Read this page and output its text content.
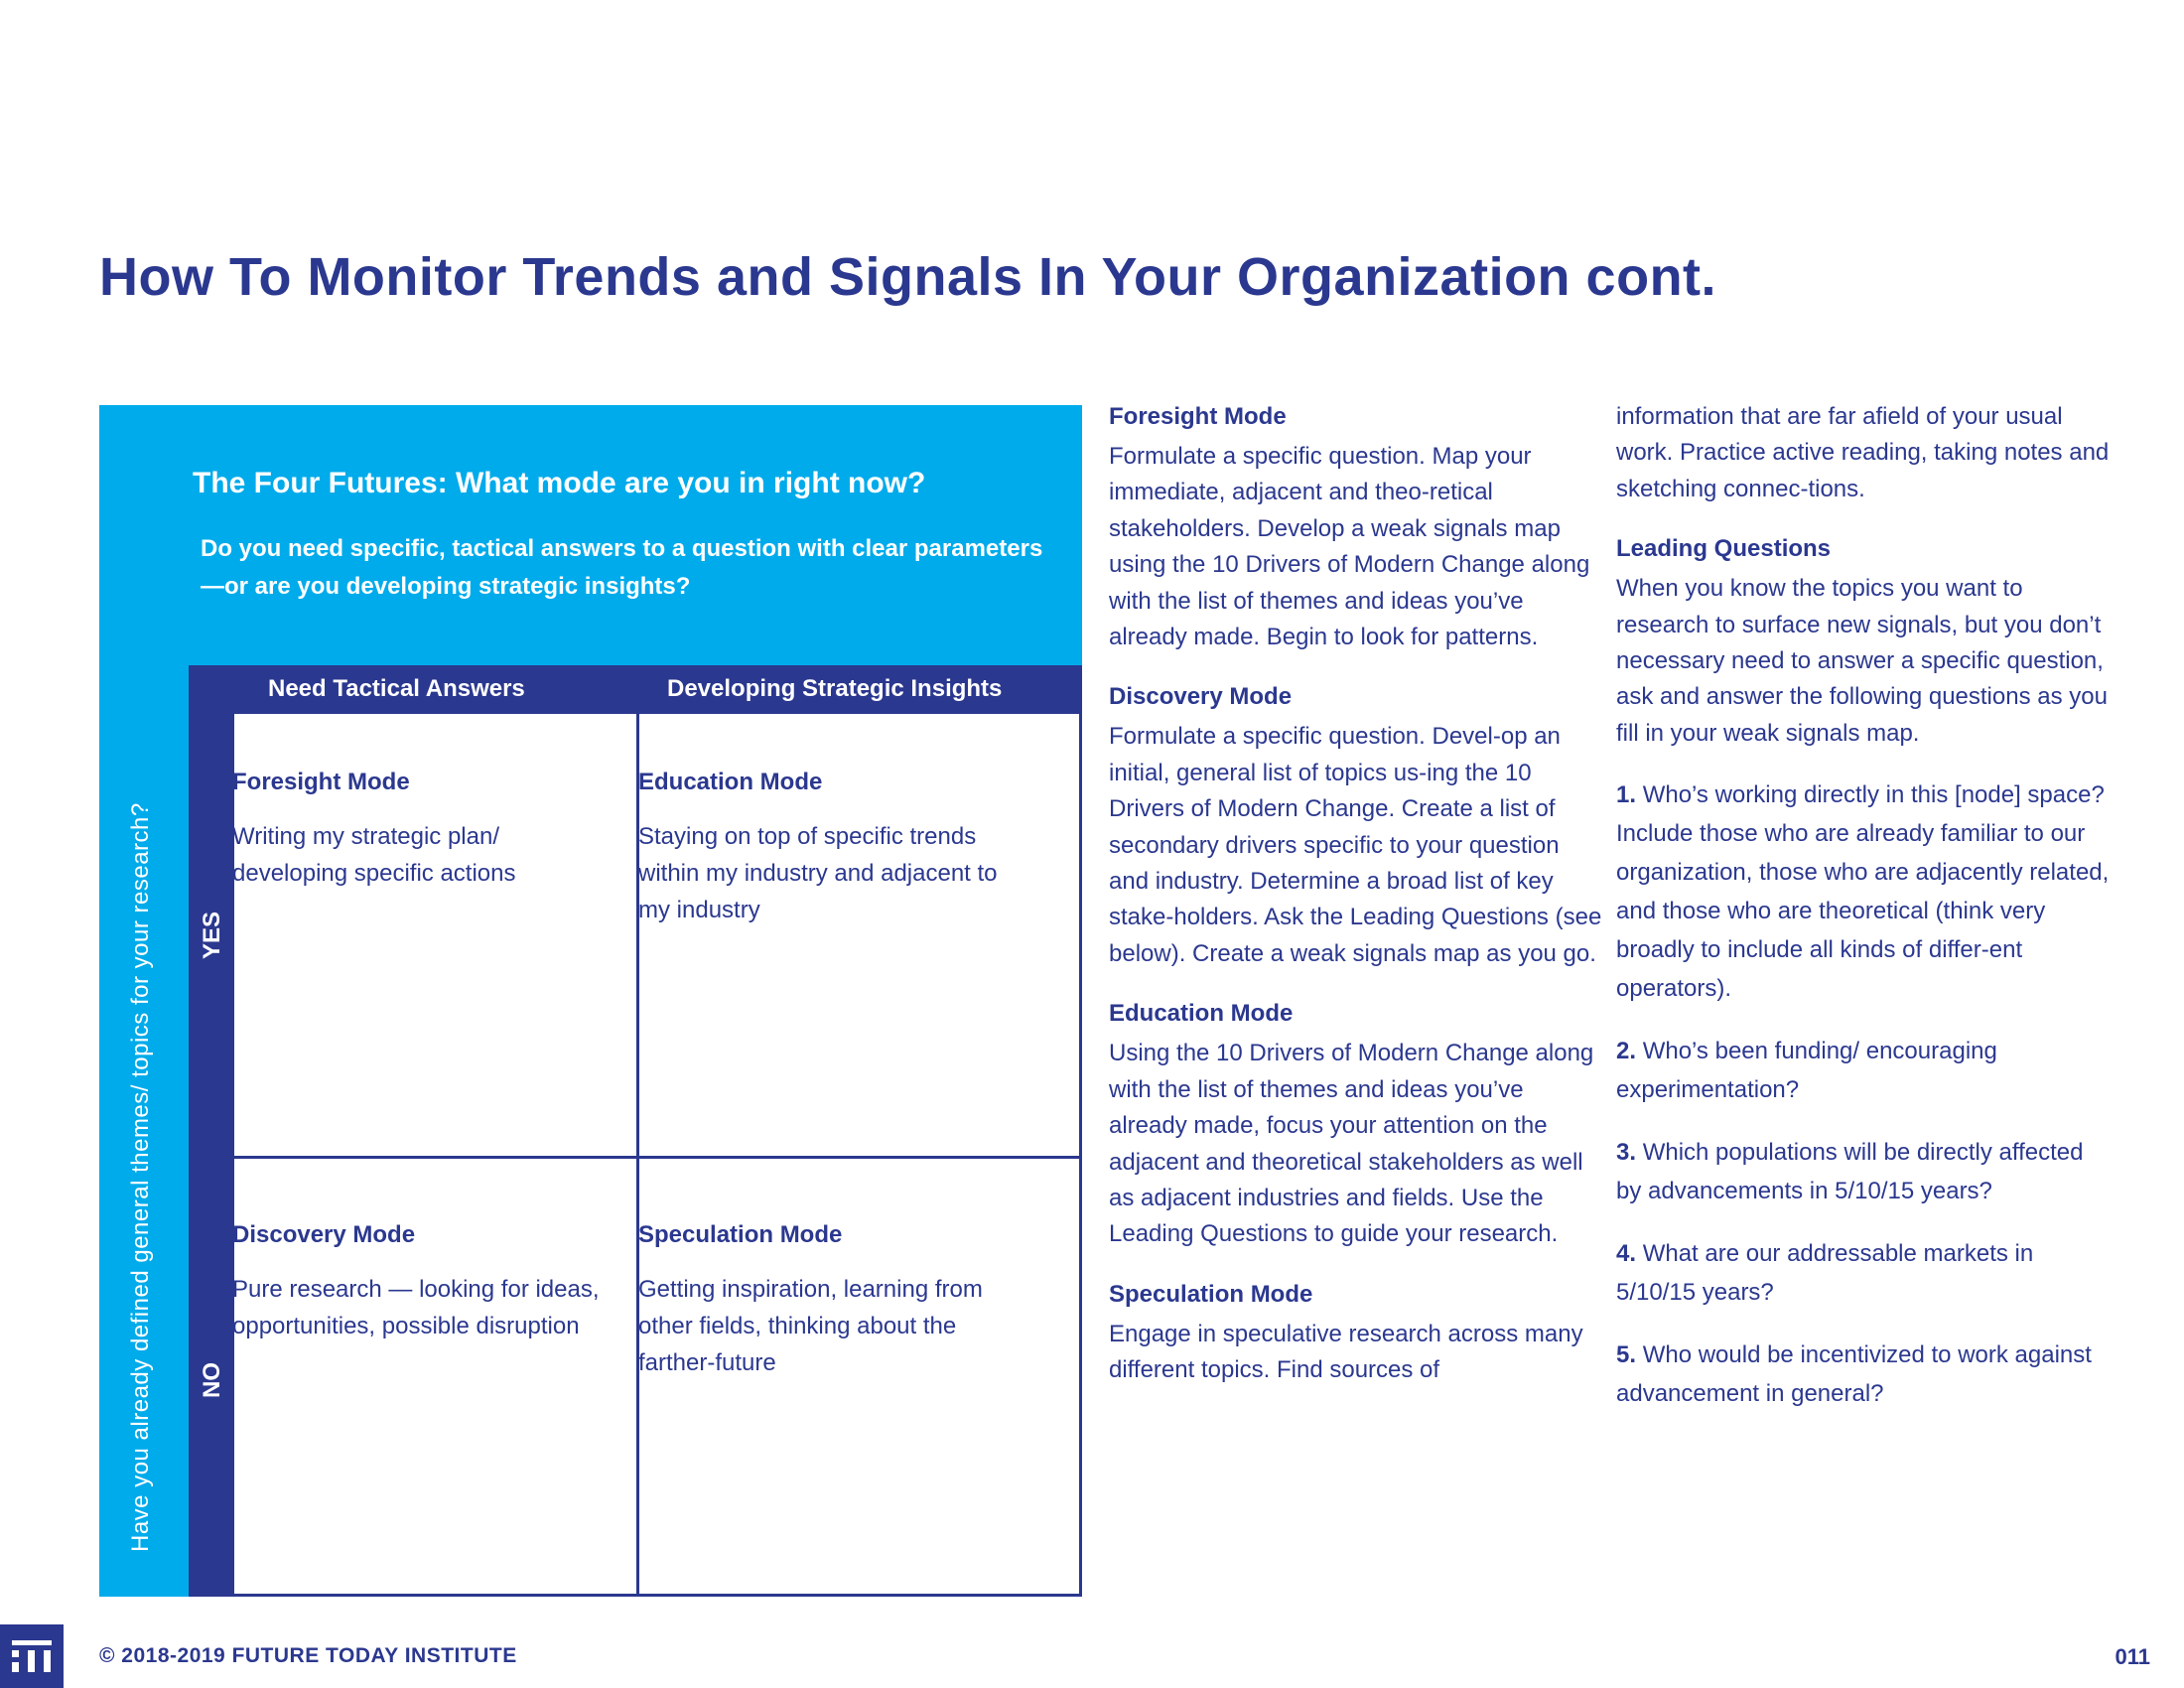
How To Monitor Trends and Signals In Your Organization cont.
The Four Futures: What mode are you in right now?
Do you need specific, tactical answers to a question with clear parameters—or are you developing strategic insights?
Have you already defined general themes/ topics for your research?
Need Tactical Answers	Developing Strategic Insights
YES
NO
Foresight Mode
Writing my strategic plan/ developing specific actions
Education Mode
Staying on top of specific trends within my industry and adjacent to my industry
Discovery Mode
Pure research — looking for ideas, opportunities, possible disruption
Speculation Mode
Getting inspiration, learning from other fields, thinking about the farther-future
Foresight Mode
Formulate a specific question. Map your immediate, adjacent and theo-retical stakeholders. Develop a weak signals map using the 10 Drivers of Modern Change along with the list of themes and ideas you’ve already made. Begin to look for patterns.
Discovery Mode
Formulate a specific question. Devel-op an initial, general list of topics us-ing the 10 Drivers of Modern Change. Create a list of secondary drivers specific to your question and industry. Determine a broad list of key stake-holders. Ask the Leading Questions (see below). Create a weak signals map as you go.
Education Mode
Using the 10 Drivers of Modern Change along with the list of themes and ideas you’ve already made, focus your attention on the adjacent and theoretical stakeholders as well as adjacent industries and fields. Use the Leading Questions to guide your research.
Speculation Mode
Engage in speculative research across many different topics. Find sources of
information that are far afield of your usual work. Practice active reading, taking notes and sketching connec-tions.
Leading Questions
When you know the topics you want to research to surface new signals, but you don’t necessary need to answer a specific question, ask and answer the following questions as you fill in your weak signals map.
1. Who’s working directly in this [node] space? Include those who are already familiar to our organization, those who are adjacently related, and those who are theoretical (think very broadly to include all kinds of differ-ent operators).
2. Who’s been funding/ encouraging experimentation?
3. Which populations will be directly affected by advancements in 5/10/15 years?
4. What are our addressable markets in 5/10/15 years?
5. Who would be incentivized to work against advancement in general?
© 2018-2019 FUTURE TODAY INSTITUTE	011
